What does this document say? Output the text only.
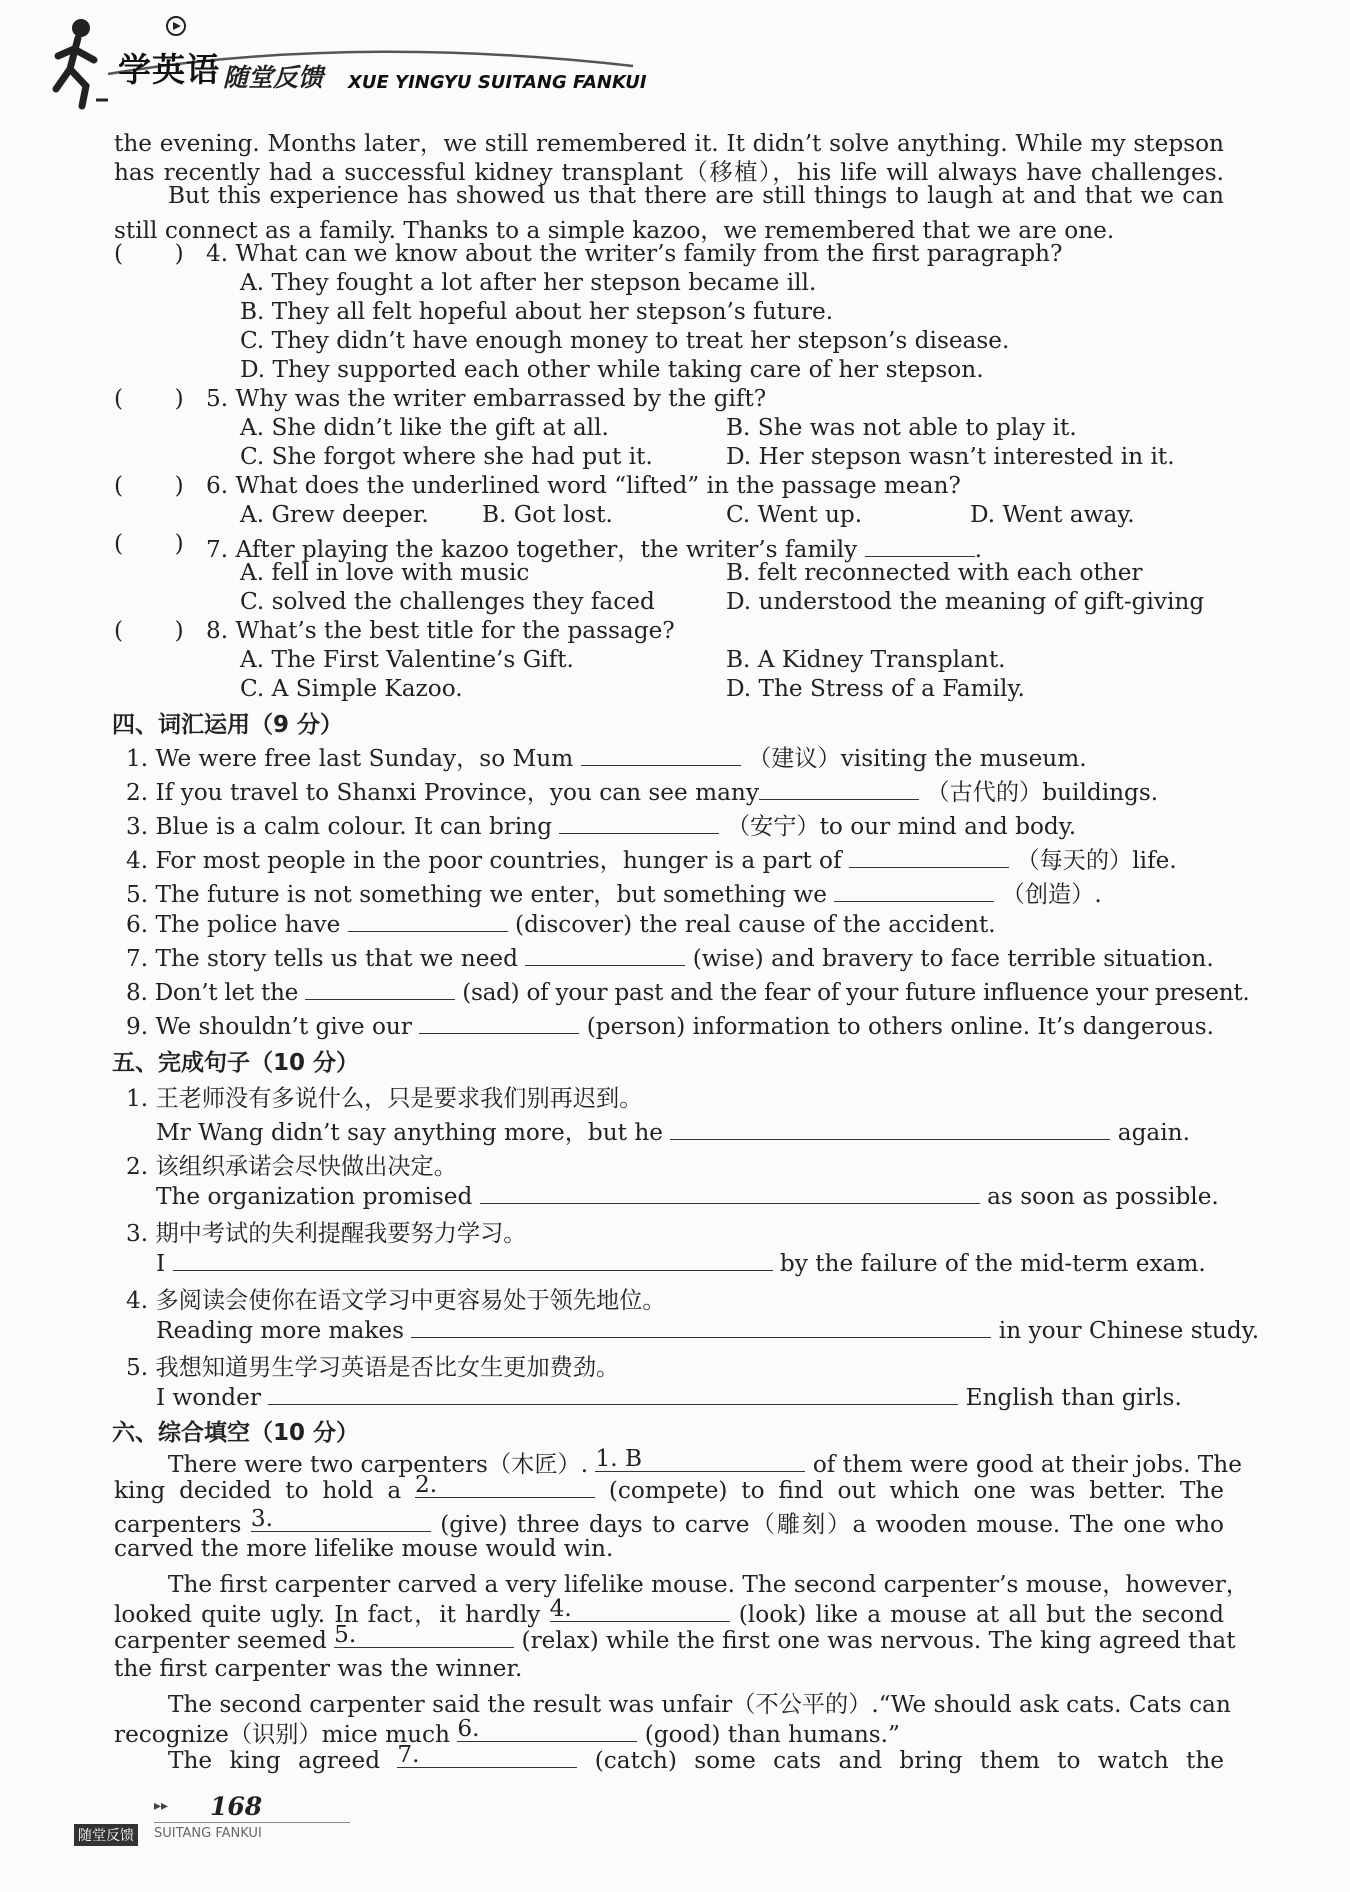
学英语 随堂反馈 XUE YINGYU SUITANG FANKUI
the evening. Months later，we still remembered it. It didn’t solve anything. While my stepson
has recently had a successful kidney transplant（移植），his life will always have challenges.
But this experience has showed us that there are still things to laugh at and that we can
still connect as a family. Thanks to a simple kazoo，we remembered that we are one.
(       ) 4. What can we know about the writer’s family from the first paragraph?
A. They fought a lot after her stepson became ill.
B. They all felt hopeful about her stepson’s future.
C. They didn’t have enough money to treat her stepson’s disease.
D. They supported each other while taking care of her stepson.
(       ) 5. Why was the writer embarrassed by the gift?
A. She didn’t like the gift at all.	B. She was not able to play it.
C. She forgot where she had put it.	D. Her stepson wasn’t interested in it.
(       ) 6. What does the underlined word “lifted” in the passage mean?
A. Grew deeper. B. Got lost.	C. Went up.	D. Went away.
(       ) 7. After playing the kazoo together，the writer’s family	.
A. fell in love with music	B. felt reconnected with each other
C. solved the challenges they faced	D. understood the meaning of gift-giving
(       ) 8. What’s the best title for the passage?
A. The First Valentine’s Gift.	B. A Kidney Transplant.
C. A Simple Kazoo.	D. The Stress of a Family.
四、词汇运用（9 分）
1. We were free last Sunday，so Mum	（建议）visiting the museum.
2. If you travel to Shanxi Province，you can see many	（古代的）buildings.
3. Blue is a calm colour. It can bring	（安宁）to our mind and body.
4. For most people in the poor countries，hunger is a part of	（每天的）life.
5. The future is not something we enter，but something we	（创造）.
6. The police have	(discover) the real cause of the accident.
7. The story tells us that we need	(wise) and bravery to face terrible situation.
8. Don’t let the	(sad) of your past and the fear of your future influence your present.
9. We shouldn’t give our	(person) information to others online. It’s dangerous.
五、完成句子（10 分）
1. 王老师没有多说什么，只是要求我们别再迟到。
Mr Wang didn’t say anything more，but he	again.
2. 该组织承诺会尽快做出决定。
The organization promised	as soon as possible.
3. 期中考试的失利提醒我要努力学习。
I	by the failure of the mid-term exam.
4. 多阅读会使你在语文学习中更容易处于领先地位。
Reading more makes	in your Chinese study.
5. 我想知道男生学习英语是否比女生更加费劲。
I wonder	English than girls.
六、综合填空（10 分）
There were two carpenters（木匠）. 1. B	of them were good at their jobs. The
king decided to hold a 2.	(compete) to find out which one was better. The
carpenters 3.	(give) three days to carve（雕刻）a wooden mouse. The one who
carved the more lifelike mouse would win.
The first carpenter carved a very lifelike mouse. The second carpenter’s mouse，however，
looked quite ugly. In fact，it hardly 4.	(look) like a mouse at all but the second
carpenter seemed 5.	(relax) while the first one was nervous. The king agreed that
the first carpenter was the winner.
The second carpenter said the result was unfair（不公平的）.“We should ask cats. Cats can
recognize（识别）mice much 6.	(good) than humans.”
The king agreed 7.	(catch) some cats and bring them to watch the
▸▸ 168
随堂反馈	SUITANG FANKUI
